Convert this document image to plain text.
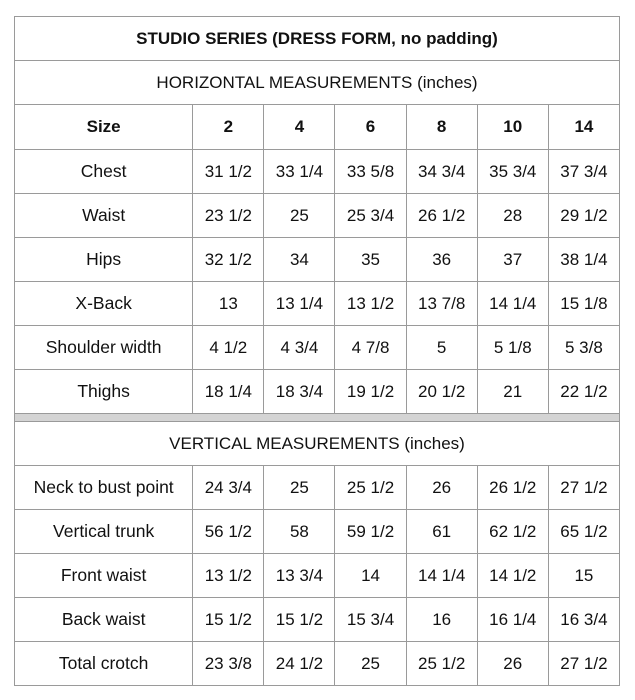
STUDIO SERIES (DRESS FORM, no padding)						
HORIZONTAL MEASUREMENTS (inches)						
Size	2	4	6	8	10	14
Chest	31 1/2	33 1/4	33 5/8	34 3/4	35 3/4	37 3/4
Waist	23 1/2	25	25 3/4	26 1/2	28	29 1/2
Hips	32 1/2	34	35	36	37	38 1/4
X-Back	13	13 1/4	13 1/2	13 7/8	14 1/4	15 1/8
Shoulder width	4 1/2	4 3/4	4 7/8	5	5 1/8	5 3/8
Thighs	18 1/4	18 3/4	19 1/2	20 1/2	21	22 1/2

VERTICAL MEASUREMENTS (inches)						
Neck to bust point	24 3/4	25	25 1/2	26	26 1/2	27 1/2
Vertical trunk	56 1/2	58	59 1/2	61	62 1/2	65 1/2
Front waist	13 1/2	13 3/4	14	14 1/4	14 1/2	15
Back waist	15 1/2	15 1/2	15 3/4	16	16 1/4	16 3/4
Total crotch	23 3/8	24 1/2	25	25 1/2	26	27 1/2
